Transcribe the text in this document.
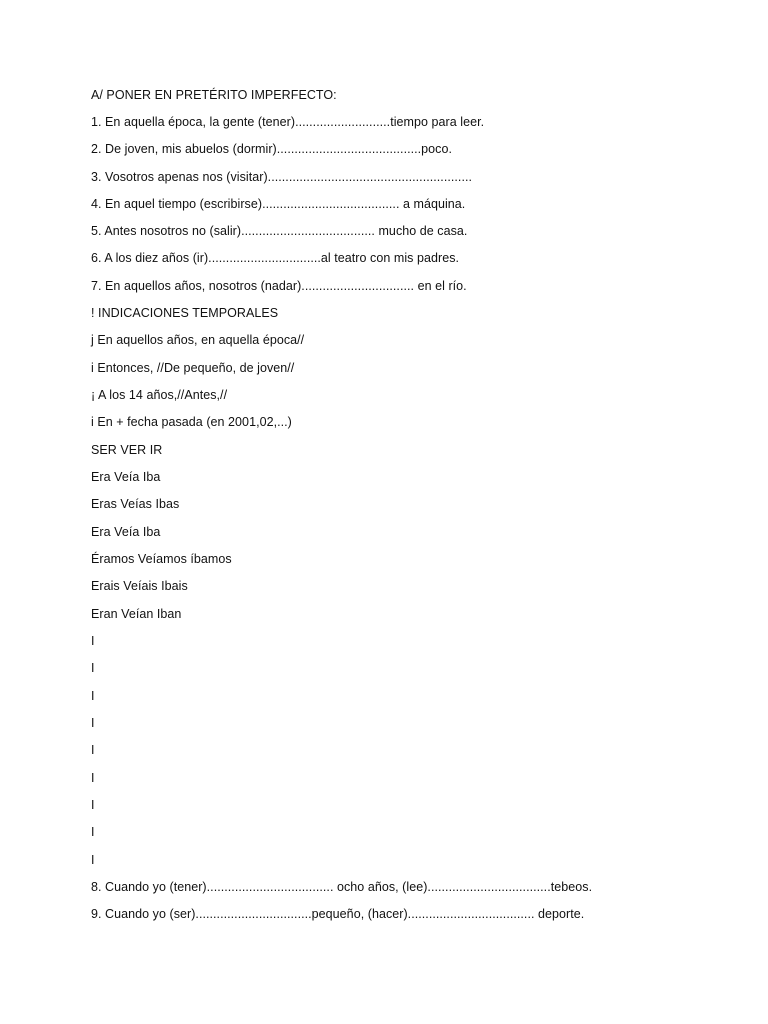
A/ PONER EN PRETÉRITO IMPERFECTO:
1. En aquella época, la gente (tener)...........................tiempo para leer.
2. De joven, mis abuelos (dormir).........................................poco.
3. Vosotros apenas nos (visitar)..........................................................
4. En aquel tiempo (escribirse)....................................... a máquina.
5. Antes nosotros no (salir)...................................... mucho de casa.
6. A los diez años (ir)................................al teatro con mis padres.
7. En aquellos años, nosotros (nadar)................................ en el río.
! INDICACIONES TEMPORALES
j En aquellos años, en aquella época//
i Entonces, //De pequeño, de joven//
¡ A los 14 años,//Antes,//
i En + fecha pasada (en 2001,02,...)
SER VER IR
Era Veía Iba
Eras Veías Ibas
Era Veía Iba
Éramos Veíamos íbamos
Erais Veíais Ibais
Eran Veían Iban
I
I
I
I
I
I
I
I
I
8. Cuando yo (tener).................................... ocho años, (lee)...................................tebeos.
9. Cuando yo (ser).................................pequeño, (hacer).................................... deporte.
